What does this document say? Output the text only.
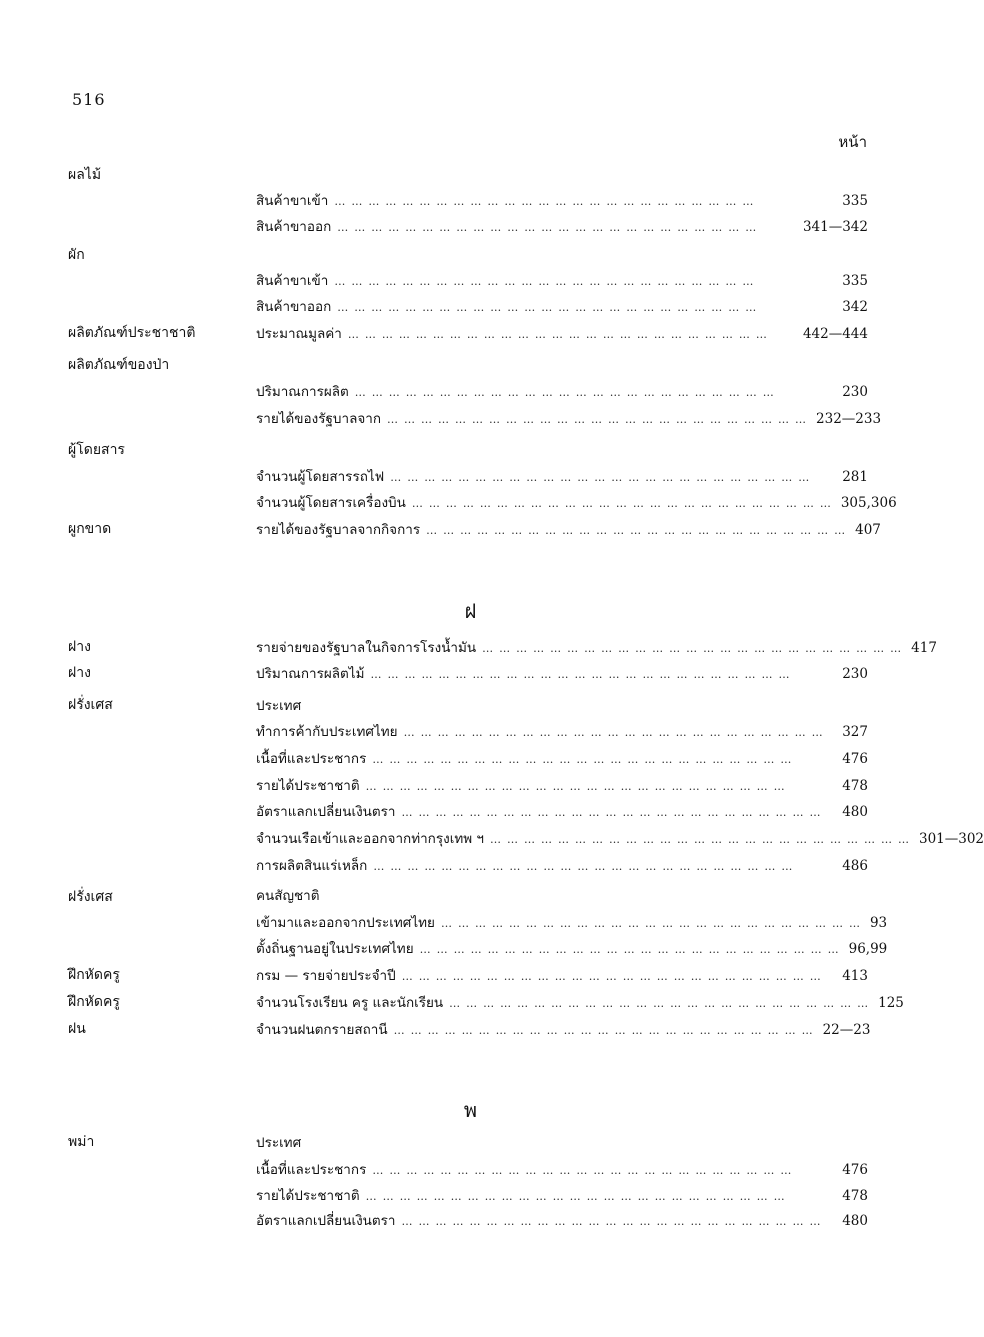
516
หน้า
ผลไม้
สินค้าขาเข้า …………………………………………………………………	335
สินค้าขาออก …………………………………………………………………	341—342
ผัก
สินค้าขาเข้า …………………………………………………………………	335
สินค้าขาออก …………………………………………………………………	342
ผลิตภัณฑ์ประชาชาติ	ประมาณมูลค่า …………………………………………………………………	442—444
ผลิตภัณฑ์ของป่า
ปริมาณการผลิต …………………………………………………………………	230
รายได้ของรัฐบาลจาก ………………………………………………………………… 232—233
ผู้โดยสาร
จำนวนผู้โดยสารรถไฟ …………………………………………………………………	281
จำนวนผู้โดยสารเครื่องบิน ………………………………………………………………… 305,306
ผูกขาด	รายได้ของรัฐบาลจากกิจการ ………………………………………………………………… 407
ฝ
ฝาง	รายจ่ายของรัฐบาลในกิจการโรงน้ำมัน ………………………………………………………………… 417
ฝาง	ปริมาณการผลิตไม้ …………………………………………………………………	230
ฝรั่งเศส	ประเทศ
ทำการค้ากับประเทศไทย …………………………………………………………………	327
เนื้อที่และประชากร …………………………………………………………………	476
รายได้ประชาชาติ …………………………………………………………………	478
อัตราแลกเปลี่ยนเงินตรา …………………………………………………………………	480
จำนวนเรือเข้าและออกจากท่ากรุงเทพ ฯ ………………………………………………………………… 301—302
การผลิตสินแร่เหล็ก …………………………………………………………………	486
ฝรั่งเศส	คนสัญชาติ
เข้ามาและออกจากประเทศไทย ………………………………………………………………… 93
ตั้งถิ่นฐานอยู่ในประเทศไทย ………………………………………………………………… 96,99
ฝึกหัดครู	กรม — รายจ่ายประจำปี …………………………………………………………………	413
ฝึกหัดครู	จำนวนโรงเรียน ครู และนักเรียน ………………………………………………………………… 125
ฝน	จำนวนฝนตกรายสถานี ………………………………………………………………… 22—23
พ
พม่า	ประเทศ
เนื้อที่และประชากร …………………………………………………………………	476
รายได้ประชาชาติ …………………………………………………………………	478
อัตราแลกเปลี่ยนเงินตรา …………………………………………………………………	480
